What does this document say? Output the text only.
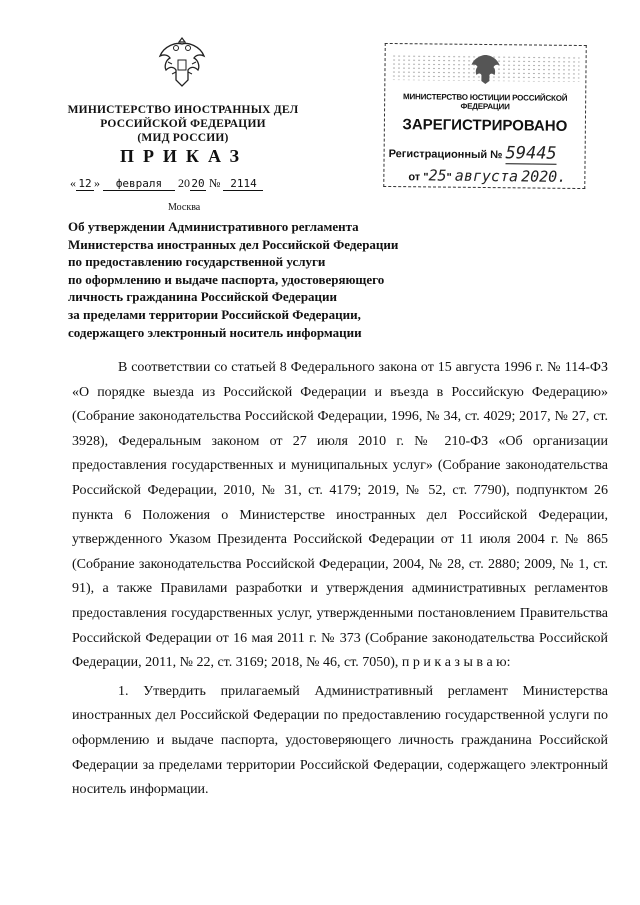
МИНИСТЕРСТВО ИНОСТРАННЫХ ДЕЛ
РОССИЙСКОЙ ФЕДЕРАЦИИ
(МИД РОССИИ)
ПРИКАЗ
« 12 » февраля 2020 № 2114
Москва
МИНИСТЕРСТВО ЮСТИЦИИ РОССИЙСКОЙ ФЕДЕРАЦИИ
ЗАРЕГИСТРИРОВАНО
Регистрационный № 59445
от "25" августа 2020.
Об утверждении Административного регламента
Министерства иностранных дел Российской Федерации
по предоставлению государственной услуги
по оформлению и выдаче паспорта, удостоверяющего
личность гражданина Российской Федерации
за пределами территории Российской Федерации,
содержащего электронный носитель информации

В соответствии со статьей 8 Федерального закона от 15 августа 1996 г. № 114-ФЗ «О порядке выезда из Российской Федерации и въезда в Российскую Федерацию» (Собрание законодательства Российской Федерации, 1996, № 34, ст. 4029; 2017, № 27, ст. 3928), Федеральным законом от 27 июля 2010 г. № 210-ФЗ «Об организации предоставления государственных и муниципальных услуг» (Собрание законодательства Российской Федерации, 2010, № 31, ст. 4179; 2019, № 52, ст. 7790), подпунктом 26 пункта 6 Положения о Министерстве иностранных дел Российской Федерации, утвержденного Указом Президента Российской Федерации от 11 июля 2004 г. № 865 (Собрание законодательства Российской Федерации, 2004, № 28, ст. 2880; 2009, № 1, ст. 91), а также Правилами разработки и утверждения административных регламентов предоставления государственных услуг, утвержденными постановлением Правительства Российской Федерации от 16 мая 2011 г. № 373 (Собрание законодательства Российской Федерации, 2011, № 22, ст. 3169; 2018, № 46, ст. 7050), п р и к а з ы в а ю:

1. Утвердить прилагаемый Административный регламент Министерства иностранных дел Российской Федерации по предоставлению государственной услуги по оформлению и выдаче паспорта, удостоверяющего личность гражданина Российской Федерации за пределами территории Российской Федерации, содержащего электронный носитель информации.
